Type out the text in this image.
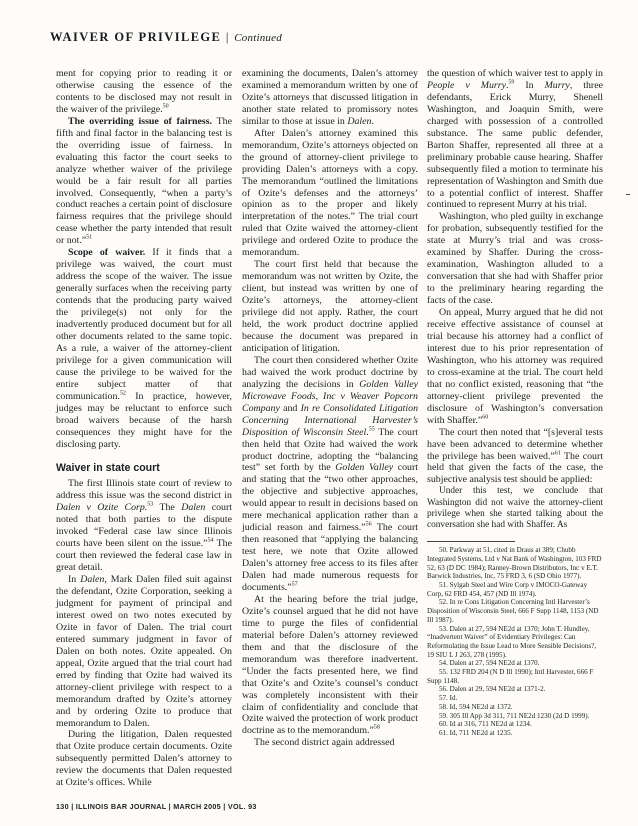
WAIVER OF PRIVILEGE | Continued

ment for copying prior to reading it or otherwise causing the essence of the contents to be disclosed may not result in the waiver of the privilege.$^{50}$

The overriding issue of fairness. The fifth and final factor in the balancing test is the overriding issue of fairness. In evaluating this factor the court seeks to analyze whether waiver of the privilege would be a fair result for all parties involved. Consequently, “when a party’s conduct reaches a certain point of disclosure fairness requires that the privilege should cease whether the party intended that result or not.”$^{51}$

Scope of waiver. If it finds that a privilege was waived, the court must address the scope of the waiver. The issue generally surfaces when the receiving party contends that the producing party waived the privilege(s) not only for the inadvertently produced document but for all other documents related to the same topic. As a rule, a waiver of the attorney-client privilege for a given communication will cause the privilege to be waived for the entire subject matter of that communication.$^{52}$ In practice, however, judges may be reluctant to enforce such broad waivers because of the harsh consequences they might have for the disclosing party.

Waiver in state court

The first Illinois state court of review to address this issue was the second district in Dalen v Ozite Corp.$^{53}$ The Dalen court noted that both parties to the dispute invoked “Federal case law since Illinois courts have been silent on the issue.”$^{54}$ The court then reviewed the federal case law in great detail.

In Dalen, Mark Dalen filed suit against the defendant, Ozite Corporation, seeking a judgment for payment of principal and interest owed on two notes executed by Ozite in favor of Dalen. The trial court entered summary judgment in favor of Dalen on both notes. Ozite appealed. On appeal, Ozite argued that the trial court had erred by finding that Ozite had waived its attorney-client privilege with respect to a memorandum drafted by Ozite’s attorney and by ordering Ozite to produce that memorandum to Dalen.

During the litigation, Dalen requested that Ozite produce certain documents. Ozite subsequently permitted Dalen’s attorney to review the documents that Dalen requested at Ozite’s offices. While

examining the documents, Dalen’s attorney examined a memorandum written by one of Ozite’s attorneys that discussed litigation in another state related to promissory notes similar to those at issue in Dalen.

After Dalen’s attorney examined this memorandum, Ozite’s attorneys objected on the ground of attorney-client privilege to providing Dalen’s attorneys with a copy. The memorandum “outlined the limitations of Ozite’s defenses and the attorneys’ opinion as to the proper and likely interpretation of the notes.” The trial court ruled that Ozite waived the attorney-client privilege and ordered Ozite to produce the memorandum.

The court first held that because the memorandum was not written by Ozite, the client, but instead was written by one of Ozite’s attorneys, the attorney-client privilege did not apply. Rather, the court held, the work product doctrine applied because the document was prepared in anticipation of litigation.

The court then considered whether Ozite had waived the work product doctrine by analyzing the decisions in Golden Valley Microwave Foods, Inc v Weaver Popcorn Company and In re Consolidated Litigation Concerning International Harvester’s Disposition of Wisconsin Steel.$^{55}$ The court then held that Ozite had waived the work product doctrine, adopting the “balancing test” set forth by the Golden Valley court and stating that the “two other approaches, the objective and subjective approaches, would appear to result in decisions based on mere mechanical application rather than a judicial reason and fairness.”$^{56}$ The court then reasoned that “applying the balancing test here, we note that Ozite allowed Dalen’s attorney free access to its files after Dalen had made numerous requests for documents.”$^{57}$

At the hearing before the trial judge, Ozite’s counsel argued that he did not have time to purge the files of confidential material before Dalen’s attorney reviewed them and that the disclosure of the memorandum was therefore inadvertent. “Under the facts presented here, we find that Ozite’s and Ozite’s counsel’s conduct was completely inconsistent with their claim of confidentiality and conclude that Ozite waived the protection of work product doctrine as to the memorandum.”$^{58}$

The second district again addressed

the question of which waiver test to apply in People v Murry.$^{59}$ In Murry, three defendants, Erick Murry, Shenell Washington, and Joaquin Smith, were charged with possession of a controlled substance. The same public defender, Barton Shaffer, represented all three at a preliminary probable cause hearing. Shaffer subsequently filed a motion to terminate his representation of Washington and Smith due to a potential conflict of interest. Shaffer continued to represent Murry at his trial.

Washington, who pled guilty in exchange for probation, subsequently testified for the state at Murry’s trial and was cross-examined by Shaffer. During the cross-examination, Washington alluded to a conversation that she had with Shaffer prior to the preliminary hearing regarding the facts of the case.

On appeal, Murry argued that he did not receive effective assistance of counsel at trial because his attorney had a conflict of interest due to his prior representation of Washington, who his attorney was required to cross-examine at the trial. The court held that no conflict existed, reasoning that “the attorney-client privilege prevented the disclosure of Washington’s conversation with Shaffer.”$^{60}$

The court then noted that “[s]everal tests have been advanced to determine whether the privilege has been waived.”$^{61}$ The court held that given the facts of the case, the subjective analysis test should be applied:

Under this test, we conclude that Washington did not waive the attorney-client privilege when she started talking about the conversation she had with Shaffer. As

50. Parkway at 51, cited in Draus at 389; Chubb Integrated Systems, Ltd v Nat Bank of Washington, 103 FRD 52, 63 (D DC 1984); Ranney-Brown Distributors, Inc v E.T. Barwick Industries, Inc, 75 FRD 3, 6 (SD Ohio 1977).

51. Sylgab Steel and Wire Corp v IMOCO-Gateway Corp, 62 FRD 454, 457 (ND Ill 1974).

52. In re Cons Litigation Concerning Intl Harvester’s Disposition of Wisconsin Steel, 666 F Supp 1148, 1153 (ND Ill 1987).

53. Dalen at 27, 594 NE2d at 1370; John T. Hundley, “Inadvertent Waiver” of Evidentiary Privileges: Can Reformulating the Issue Lead to More Sensible Decisions?, 19 SIU L J 263, 278 (1995).

54. Dalen at 27, 594 NE2d at 1370.

55. 132 FRD 204 (N D Ill 1990); Intl Harvester, 666 F Supp 1148.

56. Dalen at 29, 594 NE2d at 1371-2.

57. Id.

58. Id, 594 NE2d at 1372.

59. 305 Ill App 3d 311, 711 NE2d 1230 (2d D 1999).

60. Id at 316, 711 NE2d at 1234.

61. Id, 711 NE2d at 1235.

130 | ILLINOIS BAR JOURNAL | MARCH 2005 | VOL. 93
